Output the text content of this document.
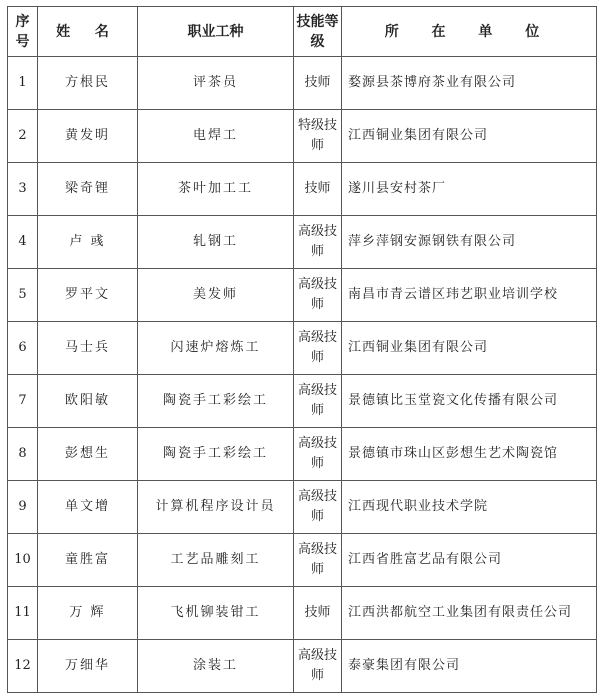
序号	姓 名	职业工种	技能等级	所 在 单 位
1	方根民	评茶员	技师	婺源县茶博府茶业有限公司
2	黄发明	电焊工	特级技师	江西铜业集团有限公司
3	梁奇锂	茶叶加工工	技师	遂川县安村茶厂
4	卢 彧	轧钢工	高级技师	萍乡萍钢安源钢铁有限公司
5	罗平文	美发师	高级技师	南昌市青云谱区玮艺职业培训学校
6	马士兵	闪速炉熔炼工	高级技师	江西铜业集团有限公司
7	欧阳敏	陶瓷手工彩绘工	高级技师	景德镇比玉堂瓷文化传播有限公司
8	彭想生	陶瓷手工彩绘工	高级技师	景德镇市珠山区彭想生艺术陶瓷馆
9	单文增	计算机程序设计员	高级技师	江西现代职业技术学院
10	童胜富	工艺品雕刻工	高级技师	江西省胜富艺品有限公司
11	万 辉	飞机铆装钳工	技师	江西洪都航空工业集团有限责任公司
12	万细华	涂装工	高级技师	泰豪集团有限公司
